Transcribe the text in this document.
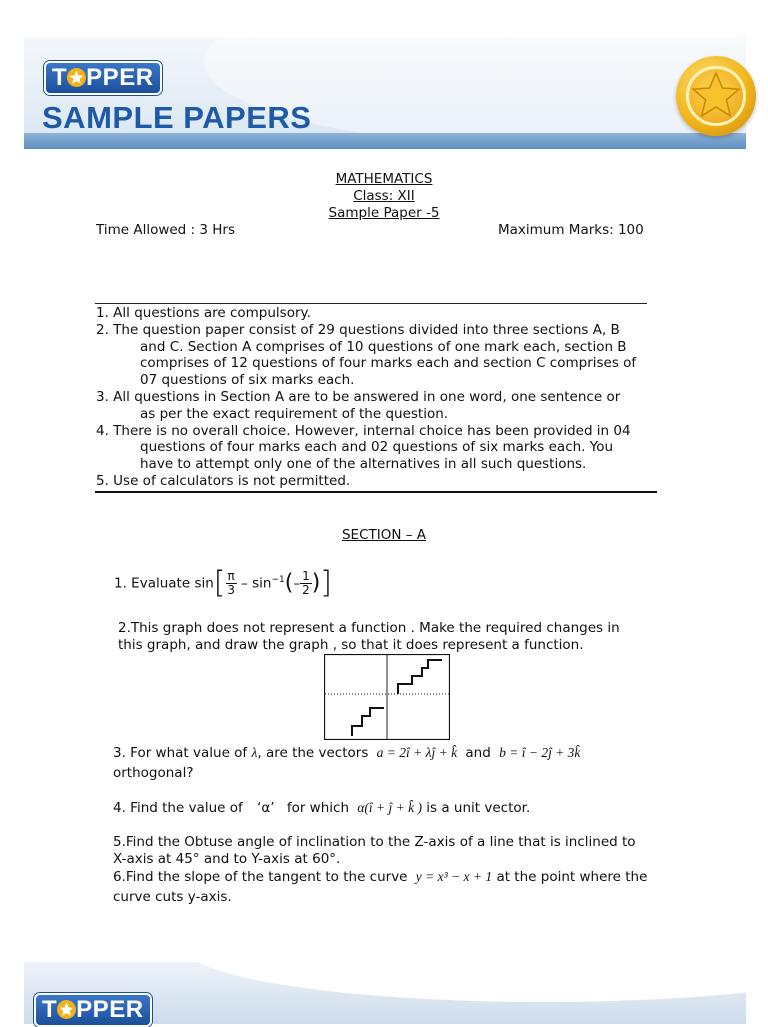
T PPER
SAMPLE PAPERS
MATHEMATICS
Class: XII
Sample Paper -5
Time Allowed : 3 Hrs	Maximum Marks: 100

1. All questions are compulsory.

2. The question paper consist of 29 questions divided into three sections A, B

and C. Section A comprises of 10 questions of one mark each, section B

comprises of 12 questions of four marks each and section C comprises of

07 questions of six marks each.

3. All questions in Section A are to be answered in one word, one sentence or

as per the exact requirement of the question.

4. There is no overall choice. However, internal choice has been provided in 04

questions of four marks each and 02 questions of six marks each. You

have to attempt only one of the alternatives in all such questions.

5. Use of calculators is not permitted.

SECTION – A
1. Evaluate $\sin[ \frac{\pi}{3} - \sin^{-1}(- \frac{1}{2}$ )]
2.This graph does not represent a function . Make the required changes in
this graph, and draw the graph , so that it does represent a function.
3. For what value of λ, are the vectors a = 2î + λĵ + k̂ and b = î − 2ĵ + 3k̂
orthogonal?
4. Find the value of ‘α’ for which α(î + ĵ + k̂ ) is a unit vector.
5.Find the Obtuse angle of inclination to the Z-axis of a line that is inclined to
X-axis at 45° and to Y-axis at 60°.
6.Find the slope of the tangent to the curve y = x³ − x + 1 at the point where the
curve cuts y-axis.
T PPER
